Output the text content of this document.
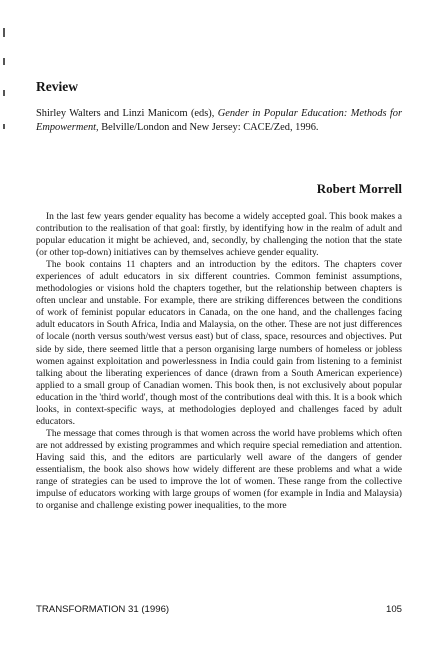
Review

Shirley Walters and Linzi Manicom (eds), Gender in Popular Education: Methods for Empowerment, Belville/London and New Jersey: CACE/Zed, 1996.

Robert Morrell

In the last few years gender equality has become a widely accepted goal. This book makes a contribution to the realisation of that goal: firstly, by identifying how in the realm of adult and popular education it might be achieved, and, secondly, by challenging the notion that the state (or other top-down) initiatives can by themselves achieve gender equality.

The book contains 11 chapters and an introduction by the editors. The chapters cover experiences of adult educators in six different countries. Common feminist assumptions, methodologies or visions hold the chapters together, but the relationship between chapters is often unclear and unstable. For example, there are striking differences between the conditions of work of feminist popular educators in Canada, on the one hand, and the challenges facing adult educators in South Africa, India and Malaysia, on the other. These are not just differences of locale (north versus south/west versus east) but of class, space, resources and objectives. Put side by side, there seemed little that a person organising large numbers of homeless or jobless women against exploitation and powerlessness in India could gain from listening to a feminist talking about the liberating experiences of dance (drawn from a South American experience) applied to a small group of Canadian women. This book then, is not exclusively about popular education in the 'third world', though most of the contributions deal with this. It is a book which looks, in context-specific ways, at methodologies deployed and challenges faced by adult educators.

The message that comes through is that women across the world have problems which often are not addressed by existing programmes and which require special remediation and attention. Having said this, and the editors are particularly well aware of the dangers of gender essentialism, the book also shows how widely different are these problems and what a wide range of strategies can be used to improve the lot of women. These range from the collective impulse of educators working with large groups of women (for example in India and Malaysia) to organise and challenge existing power inequalities, to the more

TRANSFORMATION 31 (1996)	105
